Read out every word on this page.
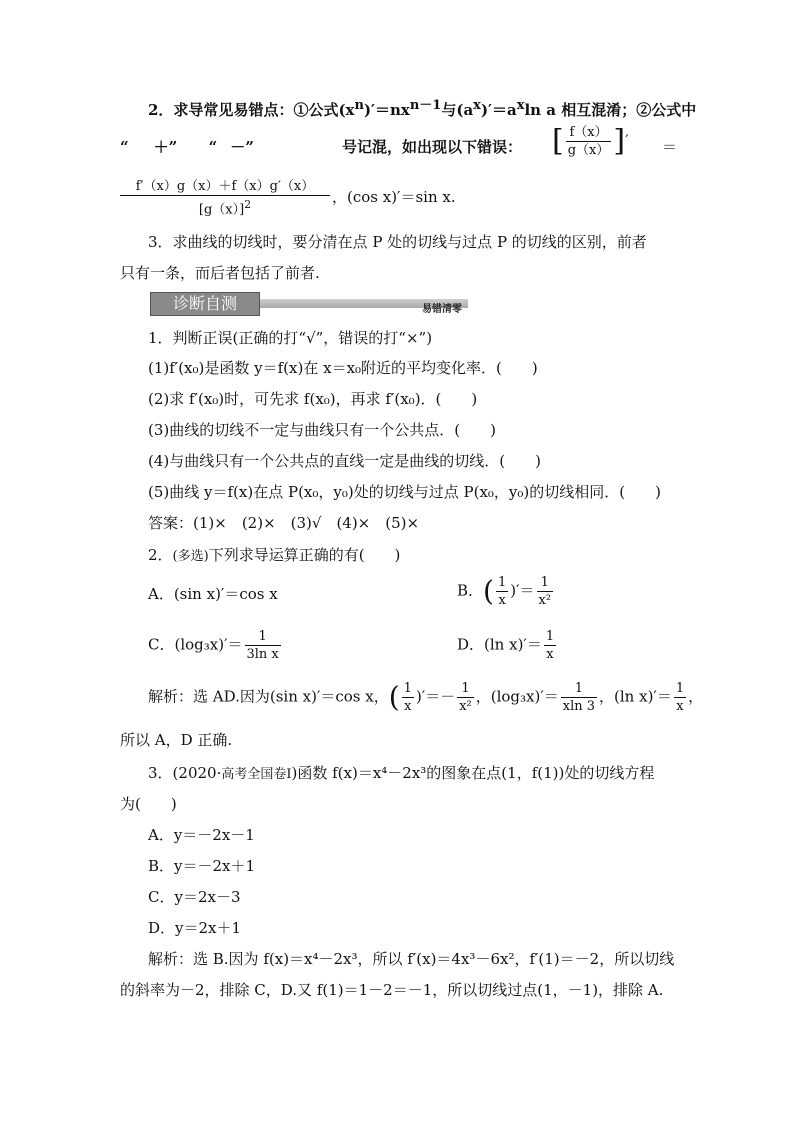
2．求导常见易错点：①公式$(x^n)'=nx^{n-1}$与$(a^x)'=a^x\ln$ a 相互混淆；②公式中
“ ＋” “ －”	号记混，如出现以下错误： [ $\frac{f(x)}{g(x)}$ ]′ ＝
$\frac{f'(x)g(x)+f(x)g'(x)}{[g(x)]^2}$ ，(cos x)′＝sin x.
3．求曲线的切线时，要分清在点 P 处的切线与过点 P 的切线的区别，前者
只有一条，而后者包括了前者.
易错清零
诊断自测
1．判断正误(正确的打“√”，错误的打“×”)
(1)f′(x₀)是函数 y＝f(x)在 x＝x₀附近的平均变化率．(　　)
(2)求 f′(x₀)时，可先求 f(x₀)，再求 f′(x₀)．(　　)
(3)曲线的切线不一定与曲线只有一个公共点．(　　)
(4)与曲线只有一个公共点的直线一定是曲线的切线．(　　)
(5)曲线 y＝f(x)在点 P(x₀，y₀)处的切线与过点 P(x₀，y₀)的切线相同．(　　)
答案：(1)×　(2)×　(3)√　(4)×　(5)×
2．(多选)下列求导运算正确的有(　　)
A．(sin x)′＝cos x	B．( $\frac{1}{x}$ )′＝ $\frac{1}{\text{x²}}$
C．$(\log_3x)'= \frac{1}{\text{3ln x}}$	D．(ln $x)'= \frac{1}{x}$
解析：选 AD.因为(sin x)′＝cos x，( $\frac{1}{x}$ )′＝－ $\frac{1}{\text{x²}}$ ，$(\log_3x)'= \frac{1}{xln 3}$ ，(ln $x)'= \frac{1}{x}$ ，
所以 A，D 正确.
3．(2020·高考全国卷Ⅰ)函数 f(x)＝x⁴－2x³的图象在点(1，f(1))处的切线方程
为(　　)
A．y＝－2x－1
B．y＝－2x＋1
C．y＝2x－3
D．y＝2x＋1
解析：选 B.因为 f(x)＝x⁴－2x³，所以 f′(x)＝4x³－6x²，f′(1)＝－2，所以切线
的斜率为－2，排除 C，D.又 f(1)＝1－2＝－1，所以切线过点(1，－1)，排除 A.
